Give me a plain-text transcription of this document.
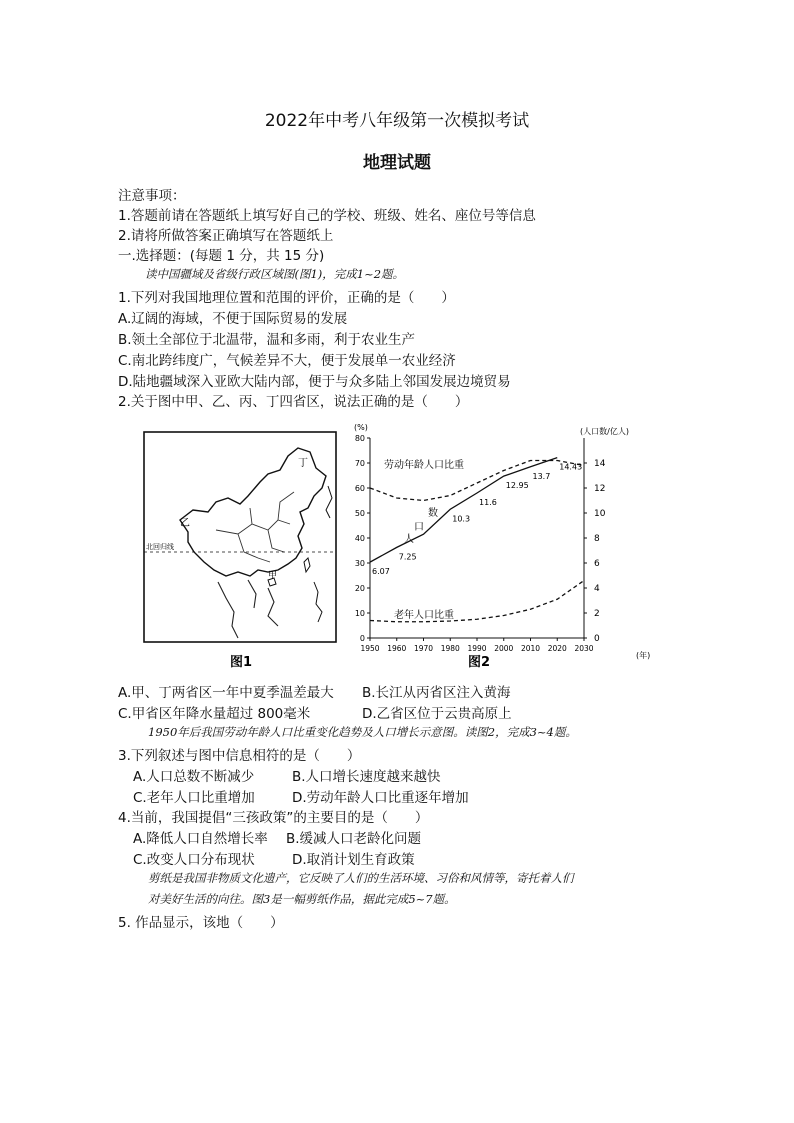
2022年中考八年级第一次模拟考试
地理试题
注意事项：
1.答题前请在答题纸上填写好自己的学校、班级、姓名、座位号等信息
2.请将所做答案正确填写在答题纸上
一.选择题：(每题 1 分，共 15 分)
读中国疆域及省级行政区域图(图1)，完成1~2题。
1.下列对我国地理位置和范围的评价，正确的是（　　）
A.辽阔的海域，不便于国际贸易的发展
B.领土全部位于北温带，温和多雨，利于农业生产
C.南北跨纬度广，气候差异不大，便于发展单一农业经济
D.陆地疆域深入亚欧大陆内部，便于与众多陆上邻国发展边境贸易
2.关于图中甲、乙、丙、丁四省区，说法正确的是（　　）
北回归线
丁
乙
甲
图1
(%)	(人口数/亿人)
(年)
图2
劳动年龄人口比重
老年人口比重
人
口
数
0
10
20
30
40
50
60
70
80
0
2
4
6
8
10
12
14
1950 1960 1970 1980 1990 2000 2010 2020 2030
6.07
7.25
10.3
11.6
12.95
13.7
14.43
A.甲、丁两省区一年中夏季温差最大 B.长江从丙省区注入黄海
C.甲省区年降水量超过 800毫米	D.乙省区位于云贵高原上
1950年后我国劳动年龄人口比重变化趋势及人口增长示意图。读图2，完成3~4题。
3.下列叙述与图中信息相符的是（　　）
A.人口总数不断减少	B.人口增长速度越来越快
C.老年人口比重增加	D.劳动年龄人口比重逐年增加
4.当前，我国提倡“三孩政策”的主要目的是（　　）
A.降低人口自然增长率 B.缓减人口老龄化问题
C.改变人口分布现状	D.取消计划生育政策
剪纸是我国非物质文化遗产，它反映了人们的生活环境、习俗和风情等，寄托着人们
对美好生活的向往。图3是一幅剪纸作品，据此完成5~7题。
5. 作品显示，该地（　　）
